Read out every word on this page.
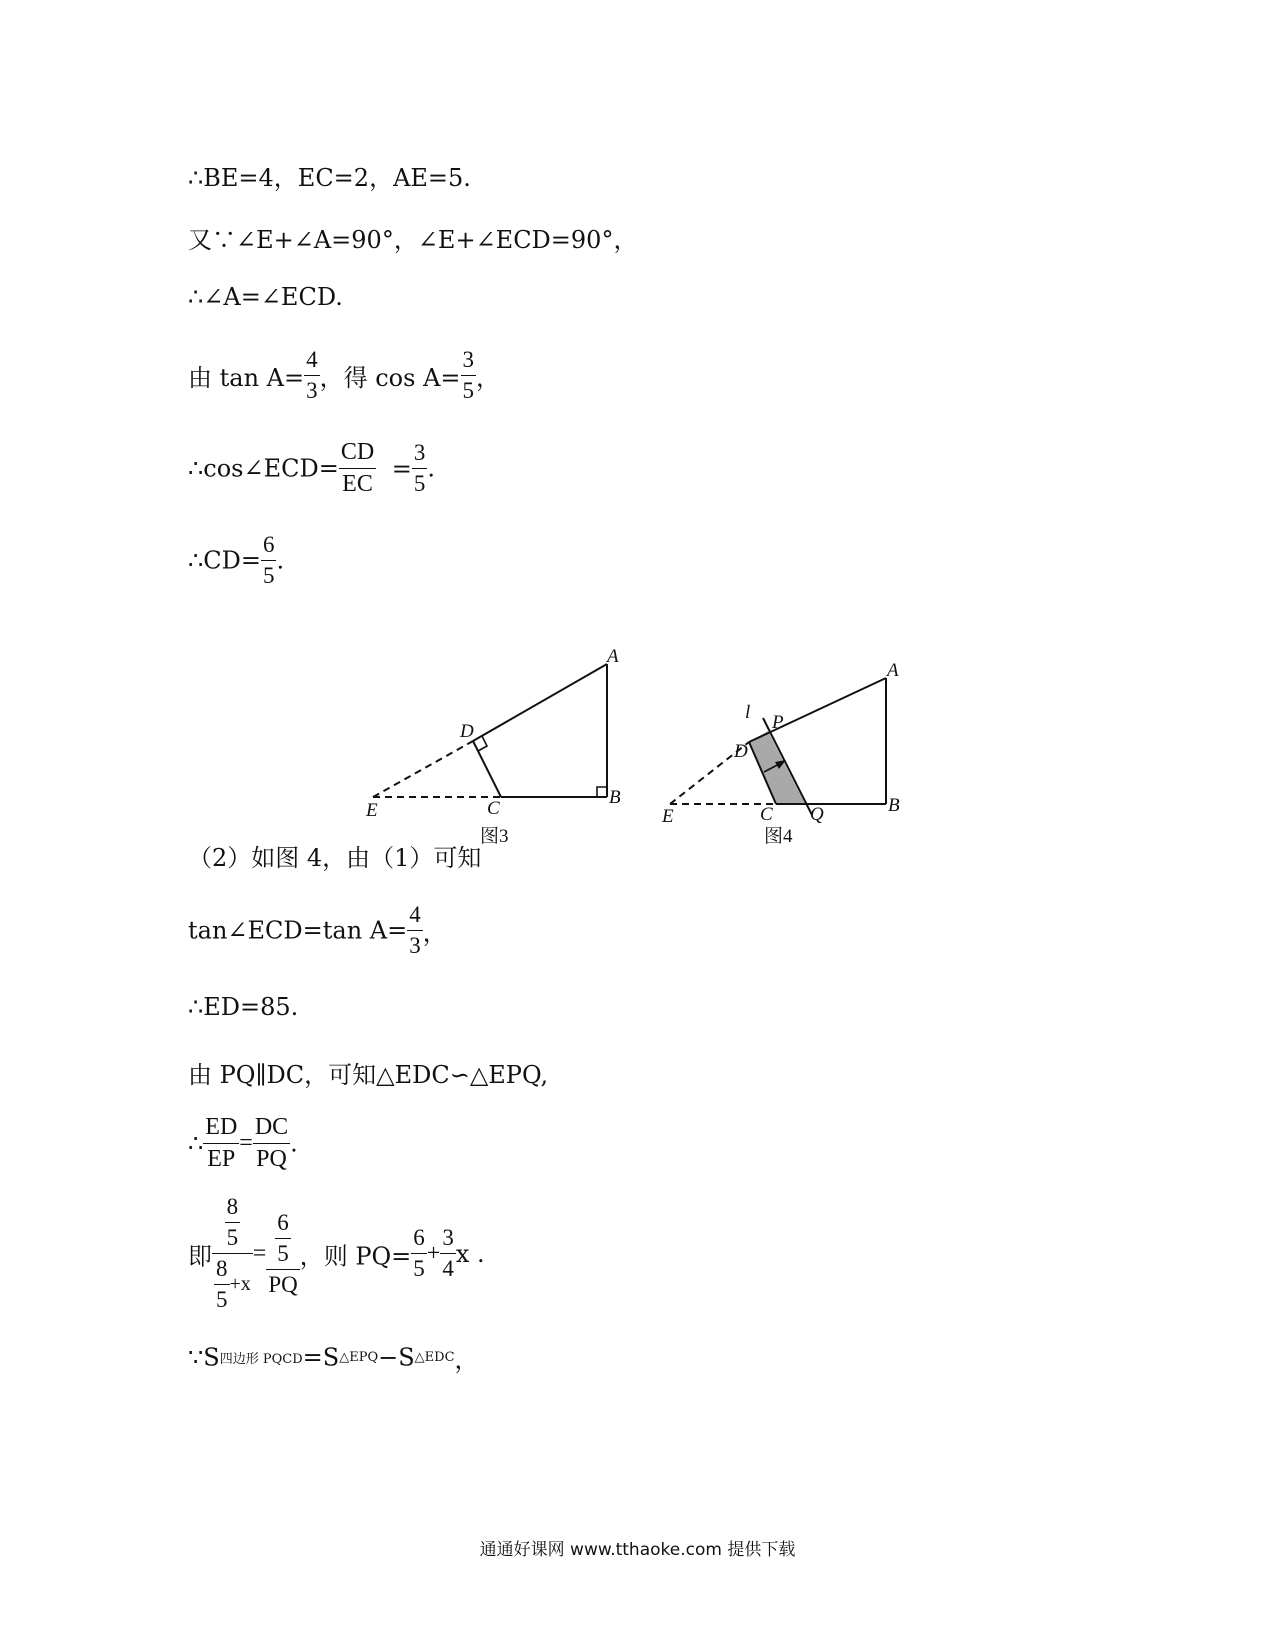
∴BE=4，EC=2，AE=5.
又∵∠E+∠A=90°，∠E+∠ECD=90°，
∴∠A=∠ECD.
由 $\tan A= \frac{4}{3}$ ，得 $\cos A= \frac{3}{5}$ ，
∴cos∠ECD= $\frac{CD}{EC} = \frac{3}{5}$ .
∴CD= $\frac{6}{5}$ .
（2）如图 4，由（1）可知
tan∠ECD=tan $A= \frac{4}{3}$ ，
∴ED=85.
由 PQ∥DC，可知△EDC∽△EPQ,
∴ $\frac{ED}{EP} = \frac{DC}{PQ}$ .
即 $\frac{\frac{8}{5}}{\frac{8}{5} +x} = \frac{\frac{6}{5}}{PQ}$ ，则 $PQ= \frac{6}{5} + \frac{3}{4}$ x .
∵S四边形 PQCD=S△EPQ−S△EDC，
A
B
C
D
E
图3
A
B
C
D
E
P
Q
l
图4
通通好课网 www.tthaoke.com 提供下载
